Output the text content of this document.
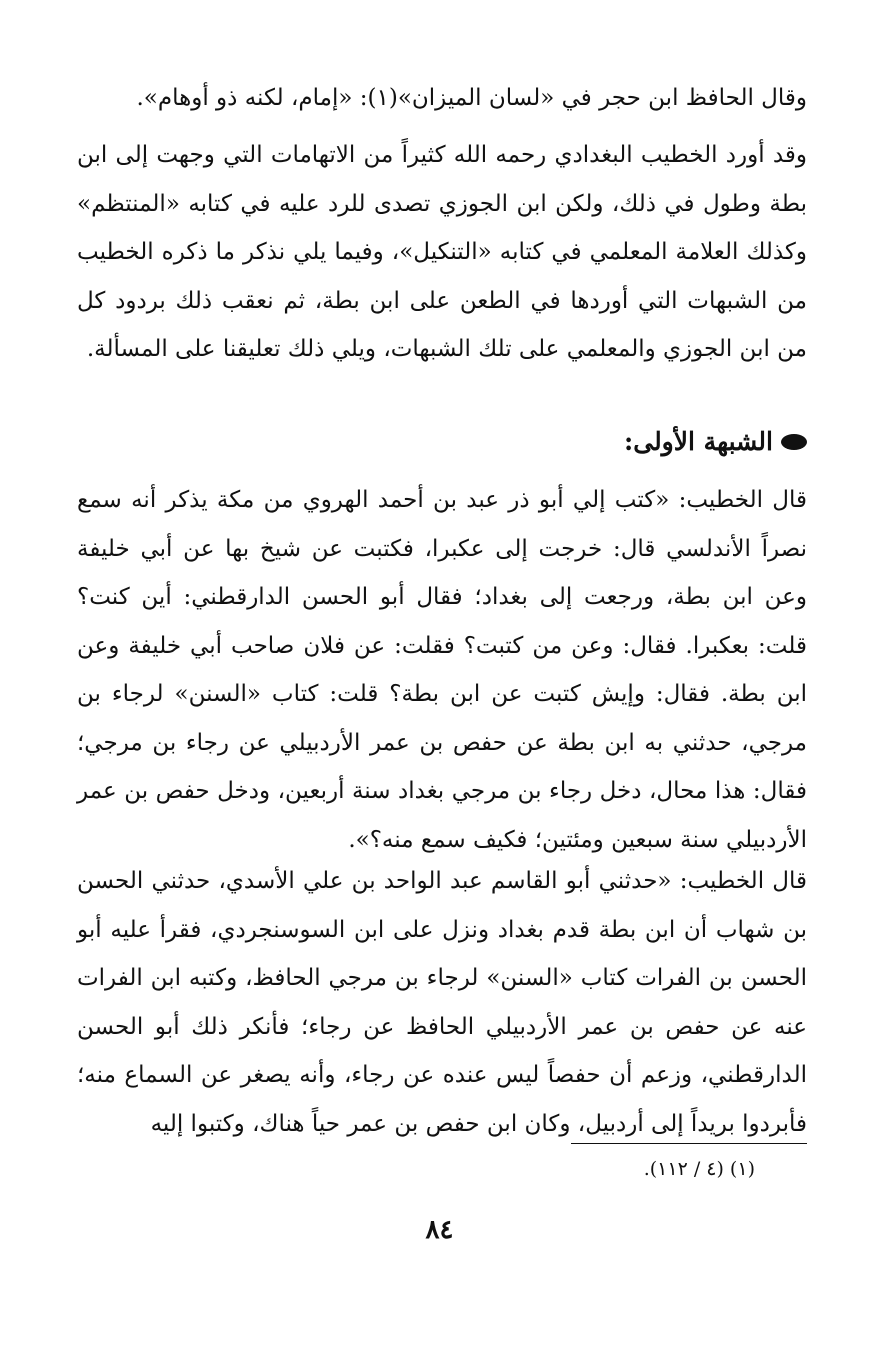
وقال الحافظ ابن حجر في «لسان الميزان»(١): «إمام، لكنه ذو أوهام».

وقد أورد الخطيب البغدادي رحمه الله كثيراً من الاتهامات التي وجهت إلى ابن بطة وطول في ذلك، ولكن ابن الجوزي تصدى للرد عليه في كتابه «المنتظم» وكذلك العلامة المعلمي في كتابه «التنكيل»، وفيما يلي نذكر ما ذكره الخطيب من الشبهات التي أوردها في الطعن على ابن بطة، ثم نعقب ذلك بردود كل من ابن الجوزي والمعلمي على تلك الشبهات، ويلي ذلك تعليقنا على المسألة.

الشبهة الأولى:

قال الخطيب: «كتب إلي أبو ذر عبد بن أحمد الهروي من مكة يذكر أنه سمع نصراً الأندلسي قال: خرجت إلى عكبرا، فكتبت عن شيخ بها عن أبي خليفة وعن ابن بطة، ورجعت إلى بغداد؛ فقال أبو الحسن الدارقطني: أين كنت؟ قلت: بعكبرا. فقال: وعن من كتبت؟ فقلت: عن فلان صاحب أبي خليفة وعن ابن بطة. فقال: وإيش كتبت عن ابن بطة؟ قلت: كتاب «السنن» لرجاء بن مرجي، حدثني به ابن بطة عن حفص بن عمر الأردبيلي عن رجاء بن مرجي؛ فقال: هذا محال، دخل رجاء بن مرجي بغداد سنة أربعين، ودخل حفص بن عمر الأردبيلي سنة سبعين ومئتين؛ فكيف سمع منه؟».

قال الخطيب: «حدثني أبو القاسم عبد الواحد بن علي الأسدي، حدثني الحسن بن شهاب أن ابن بطة قدم بغداد ونزل على ابن السوسنجردي، فقرأ عليه أبو الحسن بن الفرات كتاب «السنن» لرجاء بن مرجي الحافظ، وكتبه ابن الفرات عنه عن حفص بن عمر الأردبيلي الحافظ عن رجاء؛ فأنكر ذلك أبو الحسن الدارقطني، وزعم أن حفصاً ليس عنده عن رجاء، وأنه يصغر عن السماع منه؛ فأبردوا بريداً إلى أردبيل، وكان ابن حفص بن عمر حياً هناك، وكتبوا إليه

(١) (٤ / ١١٢).
٨٤
